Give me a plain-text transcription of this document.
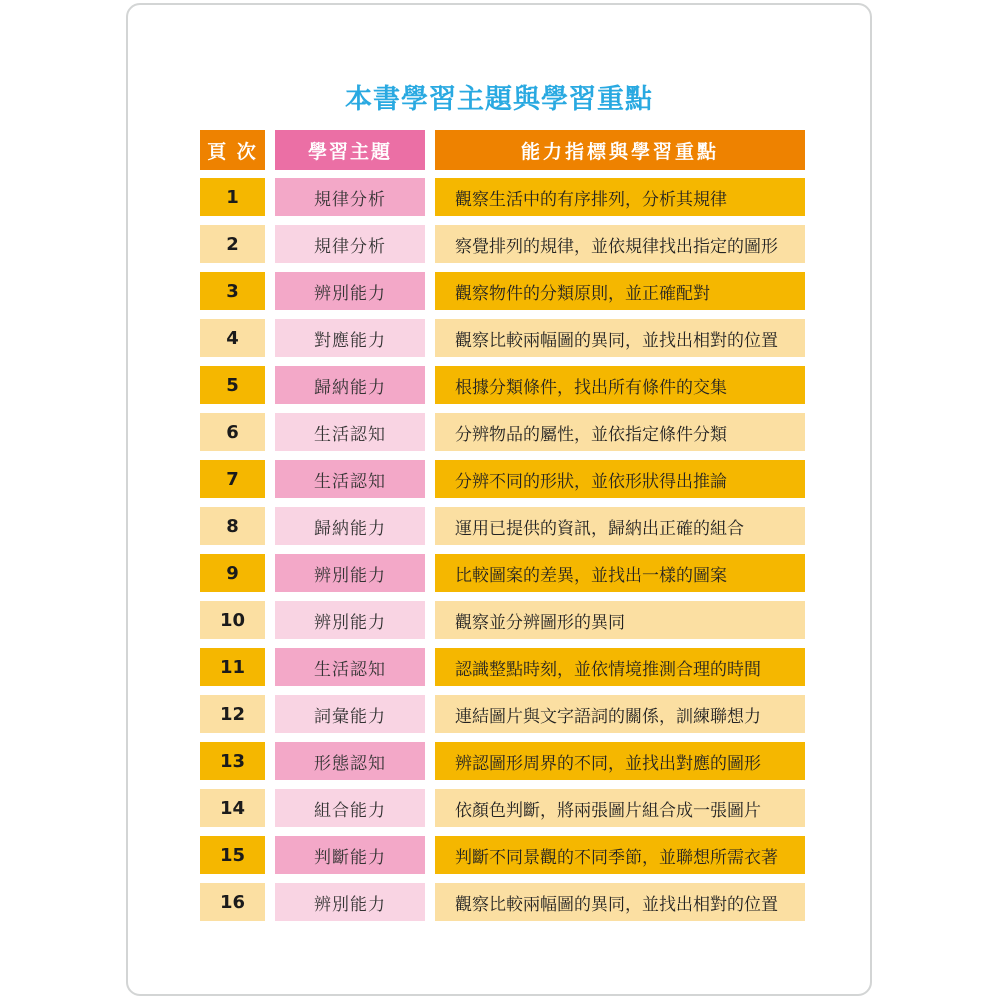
本書學習主題與學習重點
頁 次	學習主題	能力指標與學習重點
1	規律分析	觀察生活中的有序排列，分析其規律
2	規律分析	察覺排列的規律，並依規律找出指定的圖形
3	辨別能力	觀察物件的分類原則，並正確配對
4	對應能力	觀察比較兩幅圖的異同，並找出相對的位置
5	歸納能力	根據分類條件，找出所有條件的交集
6	生活認知	分辨物品的屬性，並依指定條件分類
7	生活認知	分辨不同的形狀，並依形狀得出推論
8	歸納能力	運用已提供的資訊，歸納出正確的組合
9	辨別能力	比較圖案的差異，並找出一樣的圖案
10	辨別能力	觀察並分辨圖形的異同
11	生活認知	認識整點時刻，並依情境推測合理的時間
12	詞彙能力	連結圖片與文字語詞的關係，訓練聯想力
13	形態認知	辨認圖形周界的不同，並找出對應的圖形
14	組合能力	依顏色判斷，將兩張圖片組合成一張圖片
15	判斷能力	判斷不同景觀的不同季節，並聯想所需衣著
16	辨別能力	觀察比較兩幅圖的異同，並找出相對的位置
